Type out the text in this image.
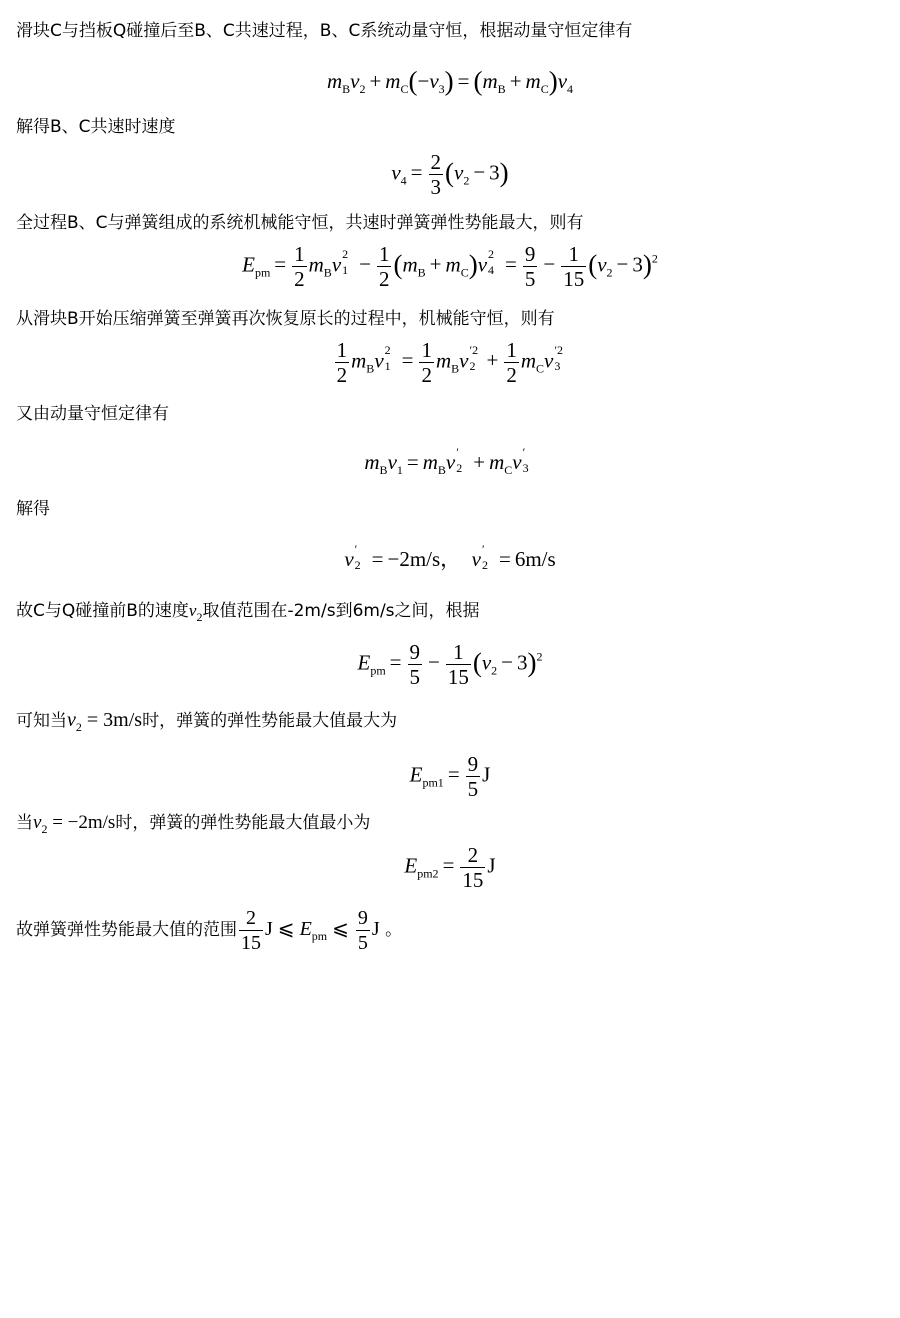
滑块C与挡板Q碰撞后至B、C共速过程，B、C系统动量守恒，根据动量守恒定律有
$m_Bv_2 + m_C(-v_3) = (m_B + m_C)v_4$
解得B、C共速时速度
$v_4 = \frac{2}{3} (v_2 - 3)$
全过程B、C与弹簧组成的系统机械能守恒，共速时弹簧弹性势能最大，则有
$E_{pm} = \frac{1}{2} m_Bv$ 2
$1 - \frac{1}{2} (m_B + m_C)v$ 2
$4 = \frac{9}{5} - \frac{1}{15} (v_2 - 3)^2$
从滑块B开始压缩弹簧至弹簧再次恢复原长的过程中，机械能守恒，则有
$\frac{1}{2} m_Bv$ 2
$1 = \frac{1}{2} m_Bv$ ′2
$2 + \frac{1}{2} m_Cv$ ′2
3
又由动量守恒定律有
$m_Bv_1 = m_Bv$ ′
$2 + m_Cv$ ′
3
解得
v ′
2 = −2m/s，  v ′
2 = 6m/s
故C与Q碰撞前B的速度$v_2$取值范围在-2m/s到6m/s之间，根据
$E_{pm} = \frac{9}{5} - \frac{1}{15} (v_2 - 3)^2$
可知当$v_2 = 3m/s$时，弹簧的弹性势能最大值最大为
$E_{pm1} = \frac{9}{5}$ J
当$v_2 = -2m/s$时，弹簧的弹性势能最大值最小为
$E_{pm2} = \frac{2}{15}$ J
故弹簧弹性势能最大值的范围 $\frac{2}{15}$ J ⩽ $E_{pm}$ ⩽ $\frac{9}{5}$ J 。
